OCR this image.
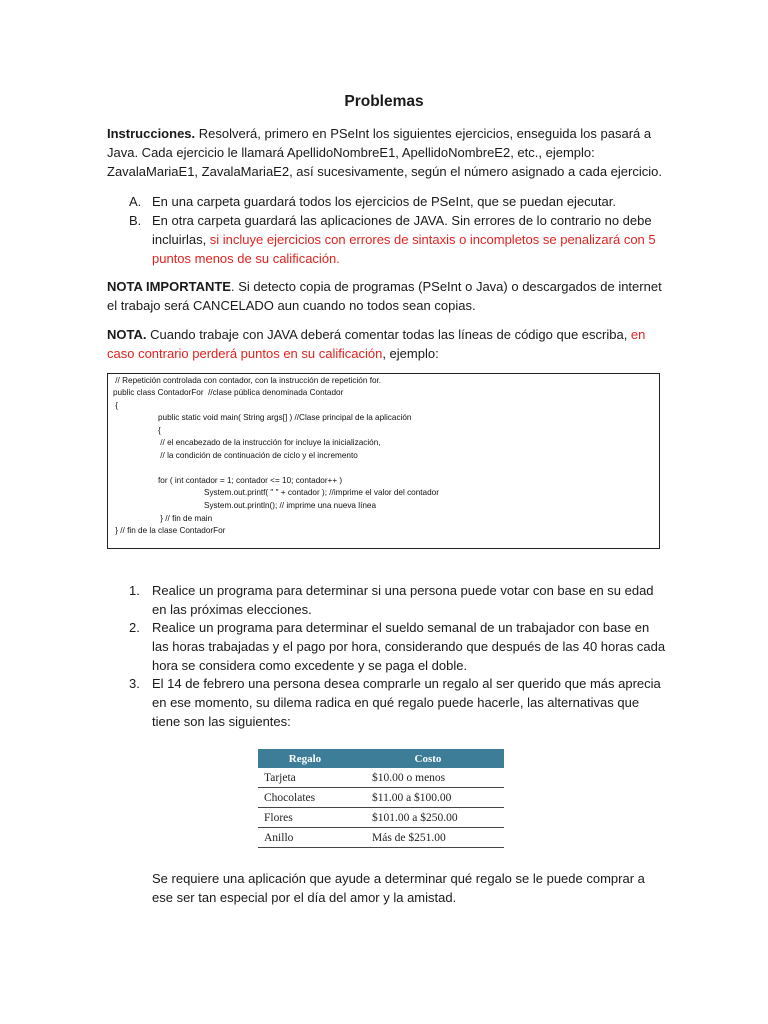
Problemas
Instrucciones. Resolverá, primero en PSeInt los siguientes ejercicios, enseguida los pasará a Java. Cada ejercicio le llamará ApellidoNombreE1, ApellidoNombreE2, etc., ejemplo: ZavalaMariaE1, ZavalaMariaE2, así sucesivamente, según el número asignado a cada ejercicio.
A. En una carpeta guardará todos los ejercicios de PSeInt, que se puedan ejecutar.
B. En otra carpeta guardará las aplicaciones de JAVA. Sin errores de lo contrario no debe incluirlas, si incluye ejercicios con errores de sintaxis o incompletos se penalizará con 5 puntos menos de su calificación.
NOTA IMPORTANTE. Si detecto copia de programas (PSeInt o Java) o descargados de internet el trabajo será CANCELADO aun cuando no todos sean copias.
NOTA. Cuando trabaje con JAVA deberá comentar todas las líneas de código que escriba, en caso contrario perderá puntos en su calificación, ejemplo:
// Repetición controlada con contador, con la instrucción de repetición for.
public class ContadorFor  //clase pública denominada Contador
{
public static void main( String args[] ) //Clase principal de la aplicación
{
// el encabezado de la instrucción for incluye la inicialización,
// la condición de continuación de ciclo y el incremento
for ( int contador = 1; contador <= 10; contador++ )
System.out.printf( " " + contador ); //imprime el valor del contador
System.out.println(); // imprime una nueva línea
} // fin de main
} // fin de la clase ContadorFor
1. Realice un programa para determinar si una persona puede votar con base en su edad en las próximas elecciones.
2. Realice un programa para determinar el sueldo semanal de un trabajador con base en las horas trabajadas y el pago por hora, considerando que después de las 40 horas cada hora se considera como excedente y se paga el doble.
3. El 14 de febrero una persona desea comprarle un regalo al ser querido que más aprecia en ese momento, su dilema radica en qué regalo puede hacerle, las alternativas que tiene son las siguientes:
Regalo	Costo
Tarjeta	$10.00 o menos
Chocolates	$11.00 a $100.00
Flores	$101.00 a $250.00
Anillo	Más de $251.00
Se requiere una aplicación que ayude a determinar qué regalo se le puede comprar a ese ser tan especial por el día del amor y la amistad.
